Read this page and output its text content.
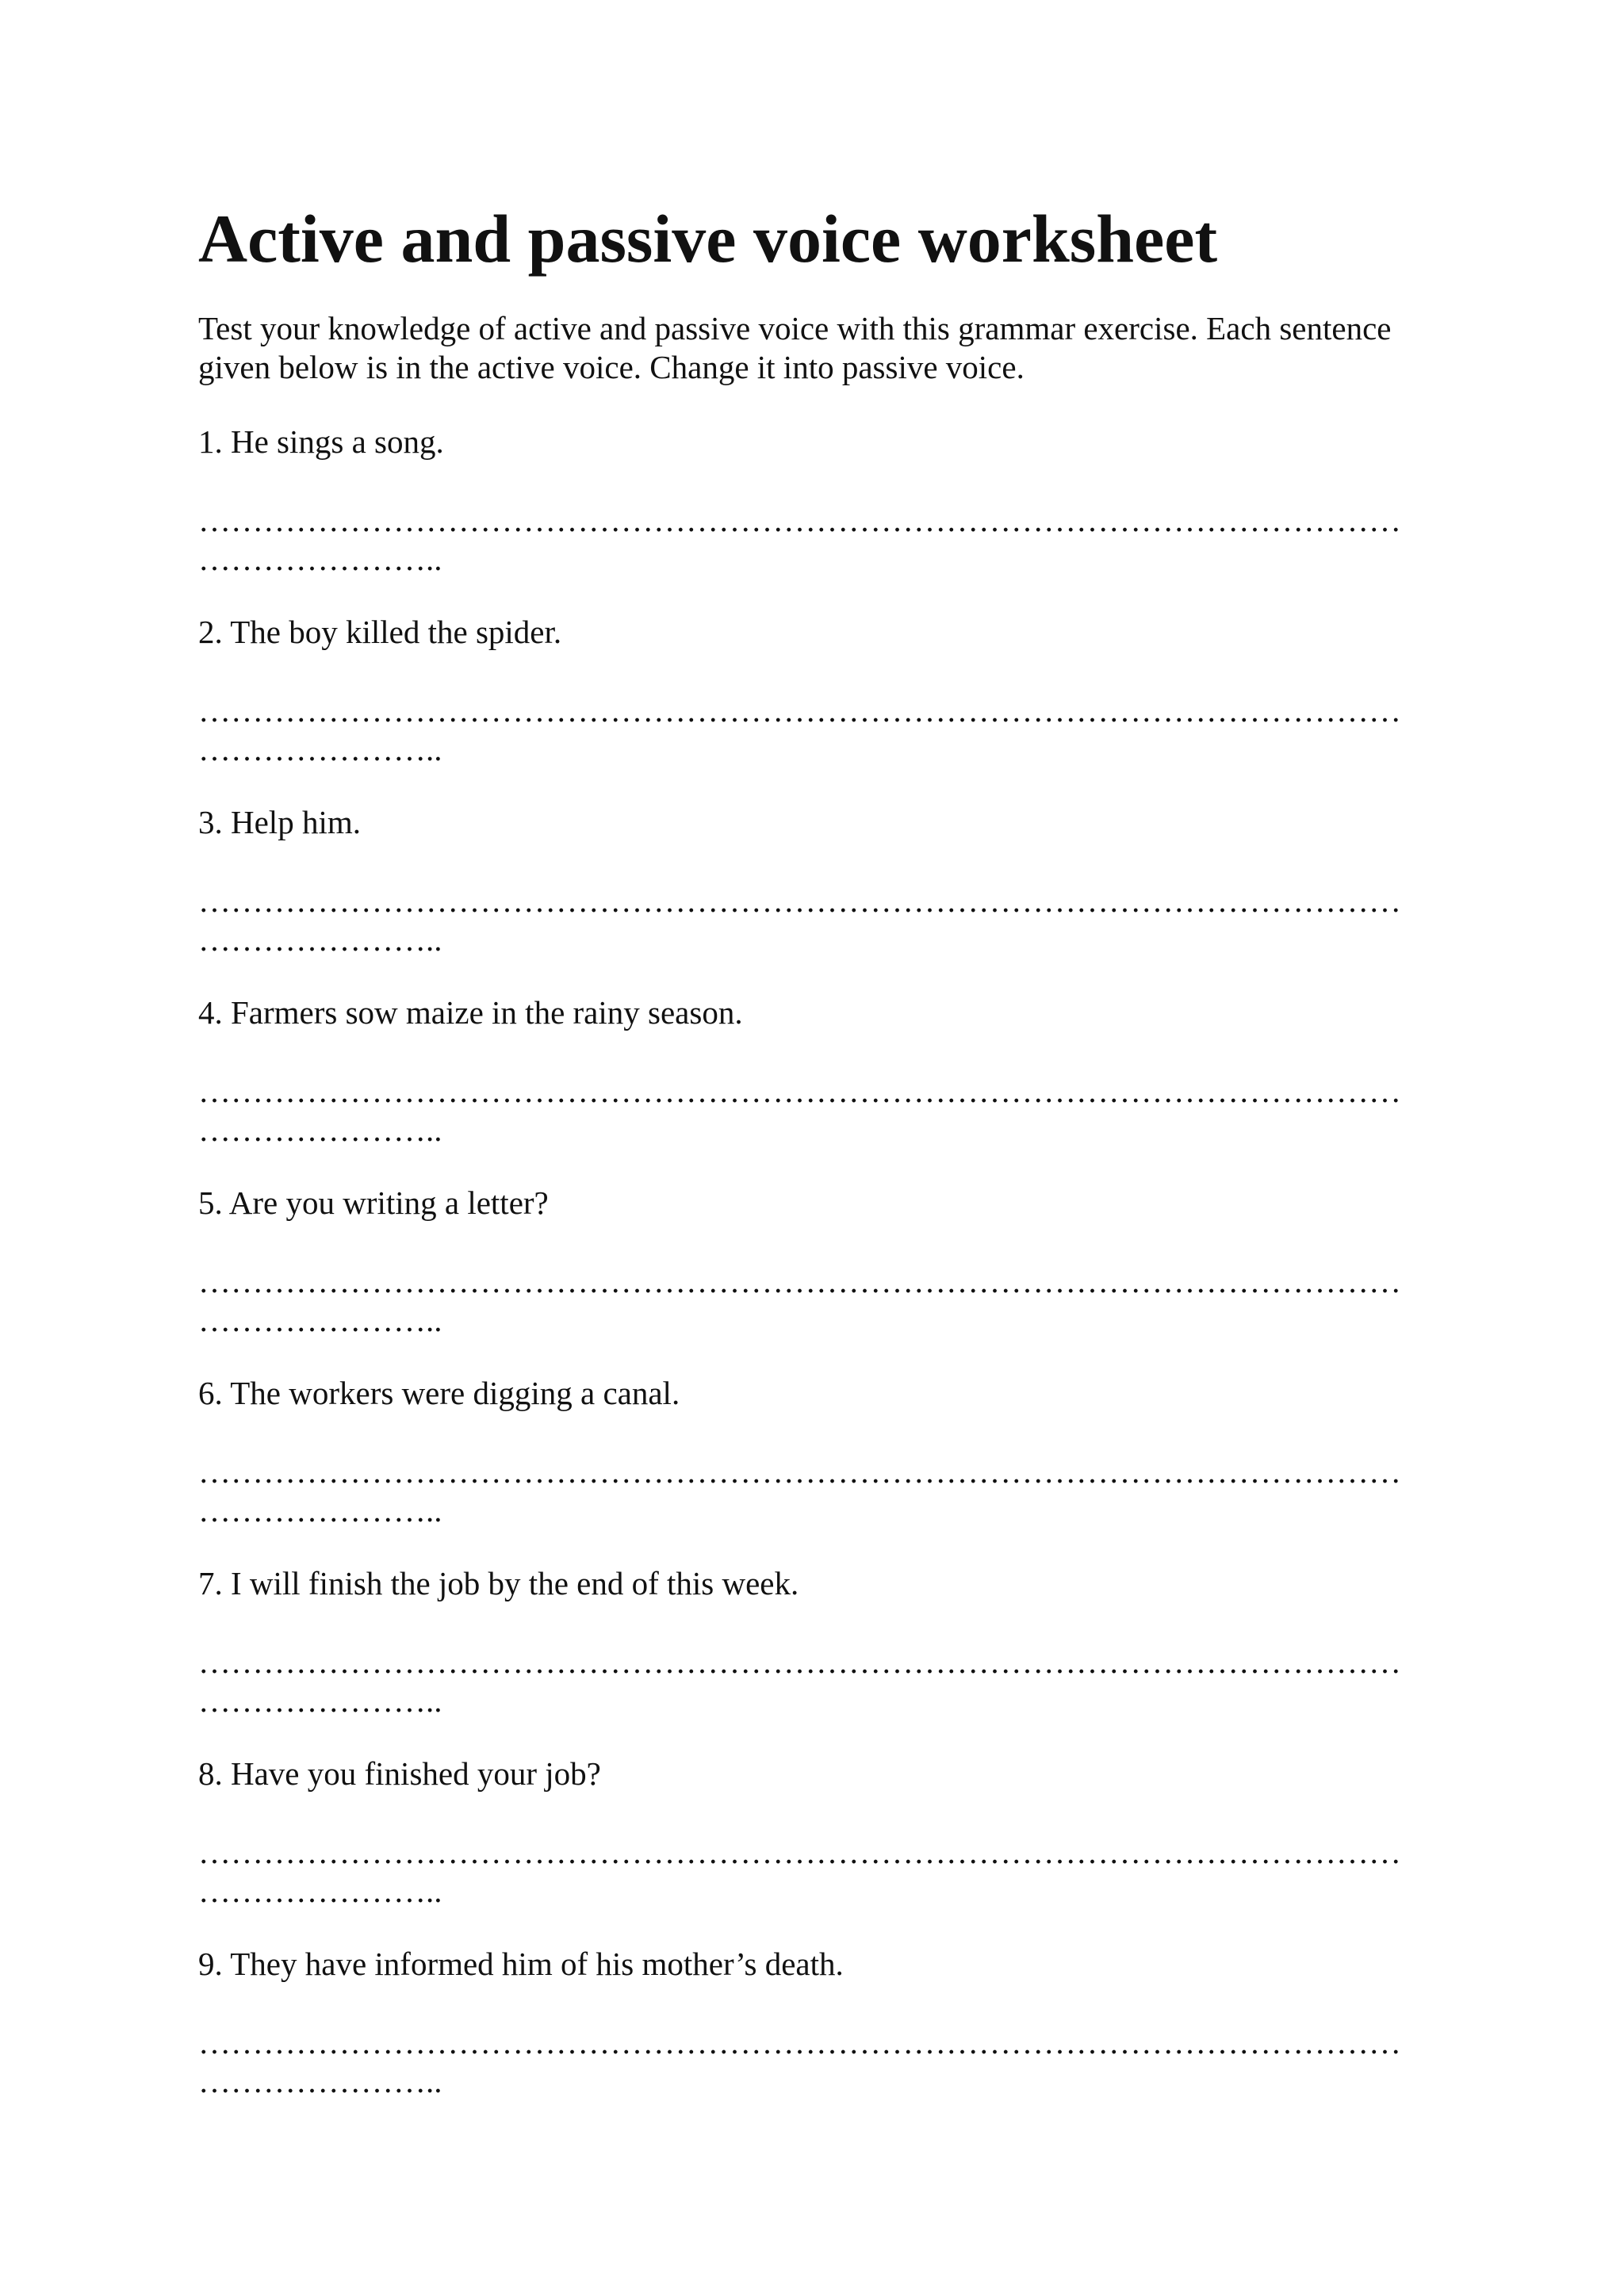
Active and passive voice worksheet

Test your knowledge of active and passive voice with this grammar exercise. Each sentence given below is in the active voice. Change it into passive voice.

1. He sings a song.

…………………………………………………………………………………………………

…………………..

2. The boy killed the spider.

…………………………………………………………………………………………………

…………………..

3. Help him.

…………………………………………………………………………………………………

…………………..

4. Farmers sow maize in the rainy season.

…………………………………………………………………………………………………

…………………..

5. Are you writing a letter?

…………………………………………………………………………………………………

…………………..

6. The workers were digging a canal.

…………………………………………………………………………………………………

…………………..

7. I will finish the job by the end of this week.

…………………………………………………………………………………………………

…………………..

8. Have you finished your job?

…………………………………………………………………………………………………

…………………..

9. They have informed him of his mother’s death.

…………………………………………………………………………………………………

…………………..
